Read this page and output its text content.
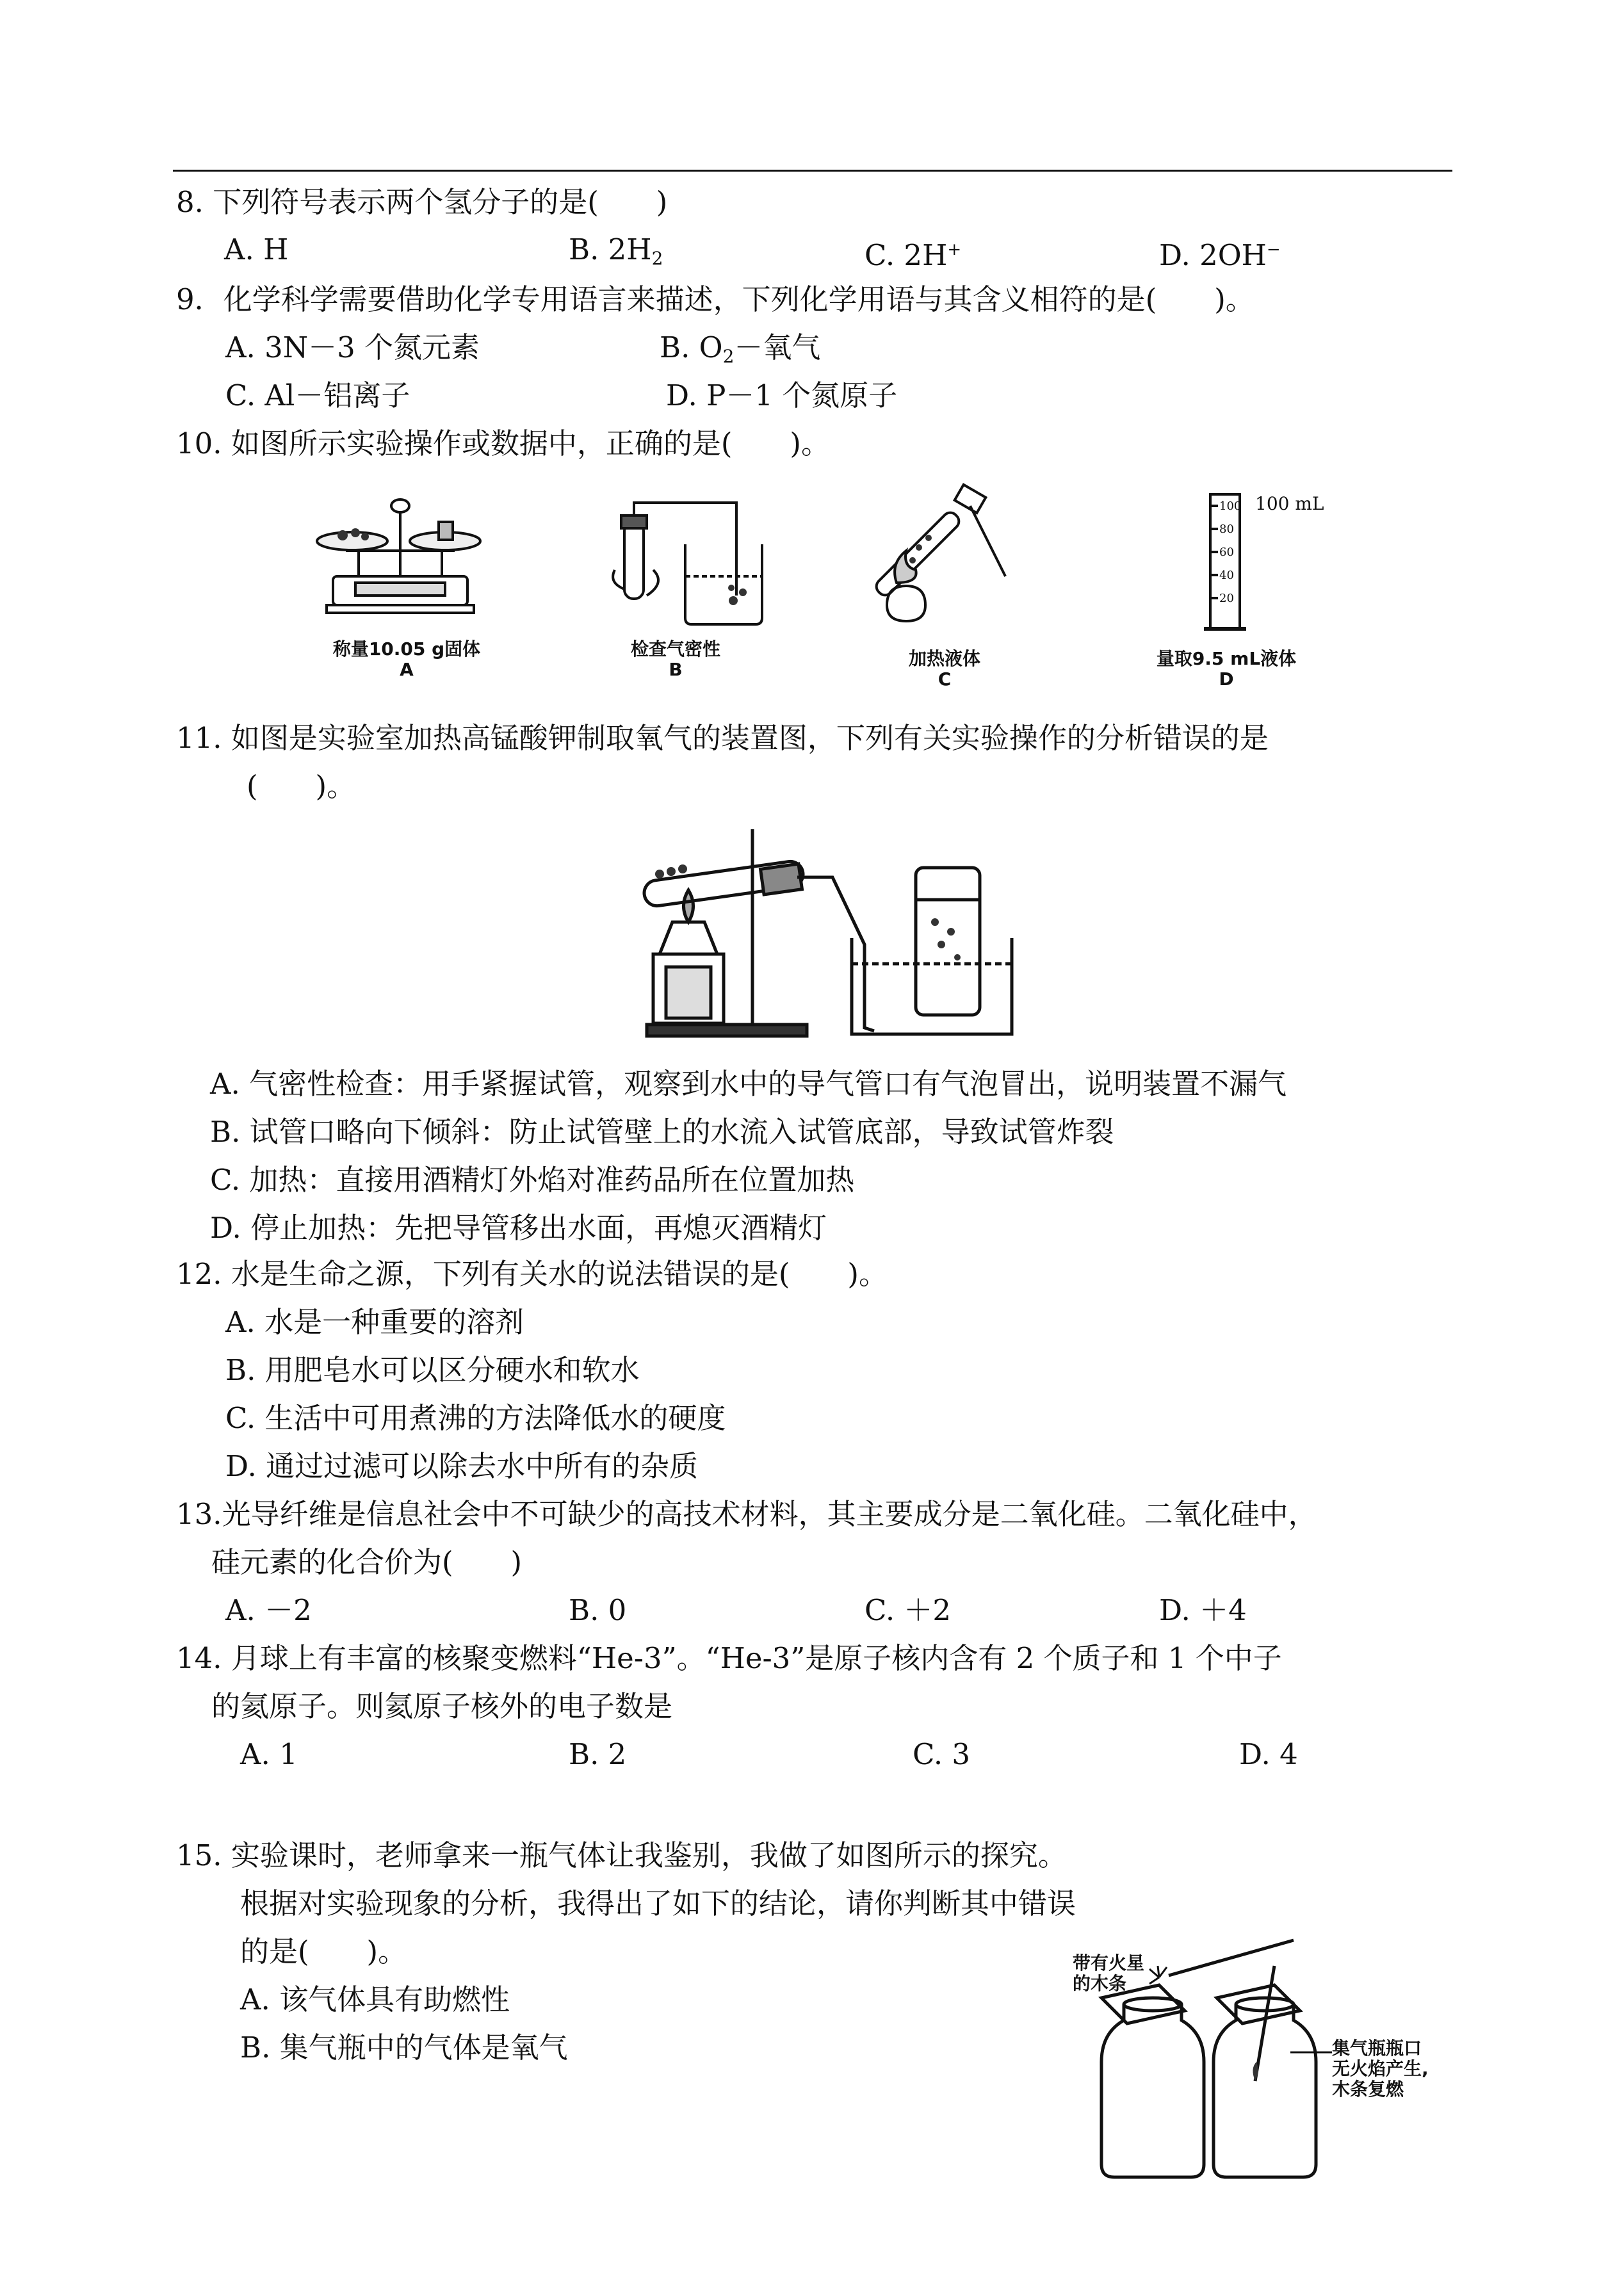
8. 下列符号表示两个氢分子的是(　　)
A. H	B. $2H_2$	C. 2H+	D. 2OH−
9．化学科学需要借助化学专用语言来描述，下列化学用语与其含义相符的是(　　)。
A. 3N－3 个氮元素	B. $O_2-$氧气
C. Al－铝离子	D. P－1 个氮原子
10. 如图所示实验操作或数据中，正确的是(　　)。
称量10.05 g固体
A
检查气密性
B
加热液体
C
100
80
60
40
20
100 mL
量取9.5 mL液体
D
11. 如图是实验室加热高锰酸钾制取氧气的装置图，下列有关实验操作的分析错误的是
(　　)。
A. 气密性检查：用手紧握试管，观察到水中的导气管口有气泡冒出，说明装置不漏气
B. 试管口略向下倾斜：防止试管壁上的水流入试管底部，导致试管炸裂
C. 加热：直接用酒精灯外焰对准药品所在位置加热
D. 停止加热：先把导管移出水面，再熄灭酒精灯
12. 水是生命之源，下列有关水的说法错误的是(　　)。
A. 水是一种重要的溶剂
B. 用肥皂水可以区分硬水和软水
C. 生活中可用煮沸的方法降低水的硬度
D. 通过过滤可以除去水中所有的杂质
13.光导纤维是信息社会中不可缺少的高技术材料，其主要成分是二氧化硅。二氧化硅中，
硅元素的化合价为(　　)
A. －2	B. 0	C. ＋2	D. ＋4
14. 月球上有丰富的核聚变燃料“He-3”。“He-3”是原子核内含有 2 个质子和 1 个中子
的氦原子。则氦原子核外的电子数是
A. 1	B. 2	C. 3	D. 4
15. 实验课时，老师拿来一瓶气体让我鉴别，我做了如图所示的探究。
根据对实验现象的分析，我得出了如下的结论，请你判断其中错误
的是(　　)。
A. 该气体具有助燃性
B. 集气瓶中的气体是氧气
带有火星
的木条
集气瓶瓶口
无火焰产生,
木条复燃
